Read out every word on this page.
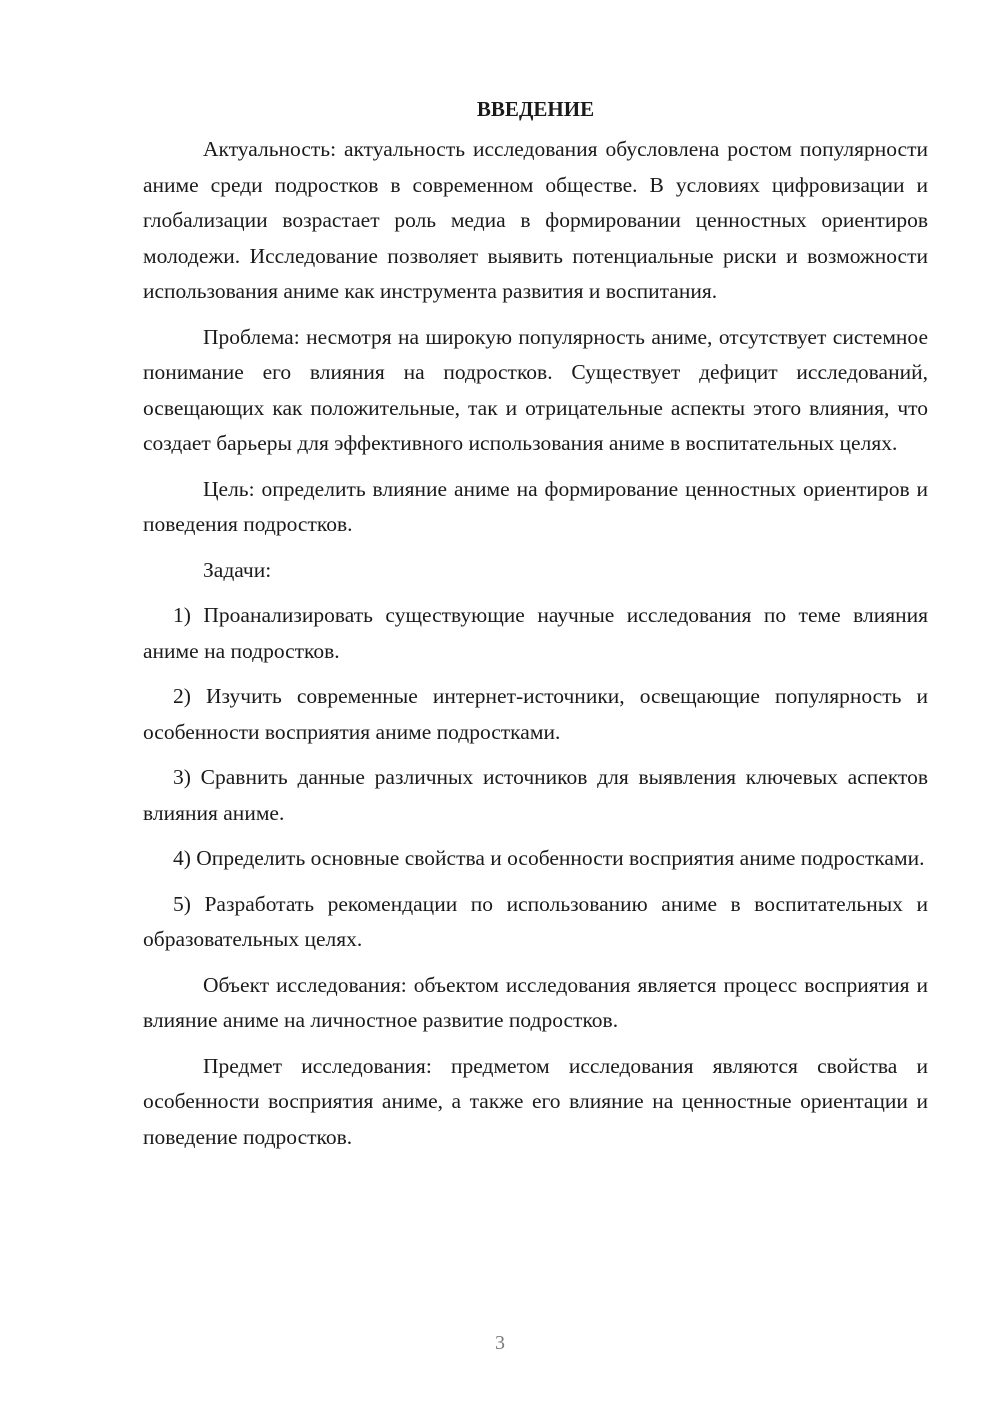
ВВЕДЕНИЕ

Актуальность: актуальность исследования обусловлена ростом популярности аниме среди подростков в современном обществе. В условиях цифровизации и глобализации возрастает роль медиа в формировании ценностных ориентиров молодежи. Исследование позволяет выявить потенциальные риски и возможности использования аниме как инструмента развития и воспитания.

Проблема: несмотря на широкую популярность аниме, отсутствует системное понимание его влияния на подростков. Существует дефицит исследований, освещающих как положительные, так и отрицательные аспекты этого влияния, что создает барьеры для эффективного использования аниме в воспитательных целях.

Цель: определить влияние аниме на формирование ценностных ориентиров и поведения подростков.

Задачи:

1) Проанализировать существующие научные исследования по теме влияния аниме на подростков.

2) Изучить современные интернет-источники, освещающие популярность и особенности восприятия аниме подростками.

3) Сравнить данные различных источников для выявления ключевых аспектов влияния аниме.

4) Определить основные свойства и особенности восприятия аниме подростками.

5) Разработать рекомендации по использованию аниме в воспитательных и образовательных целях.

Объект исследования: объектом исследования является процесс восприятия и влияние аниме на личностное развитие подростков.

Предмет исследования: предметом исследования являются свойства и особенности восприятия аниме, а также его влияние на ценностные ориентации и поведение подростков.

3
